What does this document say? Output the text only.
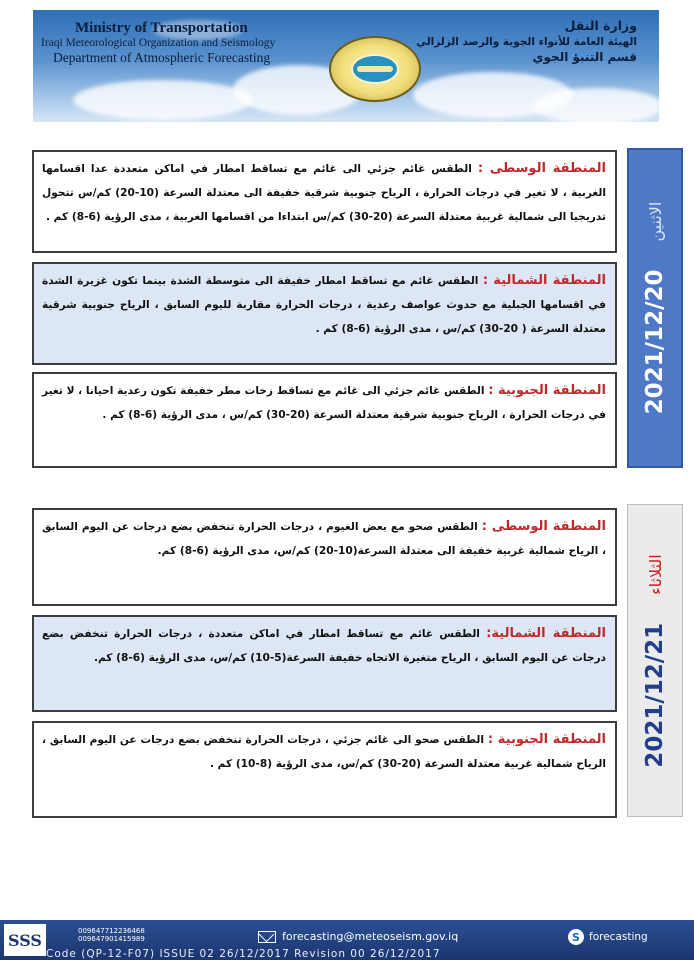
Ministry of Transportation
Iraqi Meteorological Organization and Seismology
Department of Atmospheric Forecasting
وزارة النقل
الهيئة العامة للأنواء الجوية والرصد الزلزالي
قسم التنبؤ الجوي
المنطقة الوسطى : الطقس غائم جزئي الى غائم مع تساقط امطار في اماكن متعددة عدا اقسامها الغربية ، لا تغير في درجات الحرارة ، الرياح جنوبية شرقية خفيفة الى معتدلة السرعة (10-20) كم/س تتحول تدريجيا الى شمالية غربية معتدلة السرعة (20-30) كم/س ابتداءا من اقسامها الغربية ، مدى الرؤية (6-8) كم .
المنطقة الشمالية : الطقس غائم مع تساقط امطار خفيفة الى متوسطة الشدة بينما تكون غزيرة الشدة في اقسامها الجبلية مع حدوث عواصف رعدية ، درجات الحرارة مقاربة لليوم السابق ، الرياح جنوبية شرقية معتدلة السرعة ( 20-30) كم/س ، مدى الرؤية (6-8) كم .
المنطقة الجنوبية : الطقس غائم جزئي الى غائم مع تساقط زخات مطر خفيفة تكون رعدية احيانا ، لا تغير في درجات الحرارة ، الرياح جنوبية شرقية معتدلة السرعة (20-30) كم/س ، مدى الرؤية (6-8) كم .
2021/12/20
الاثنين
المنطقة الوسطى : الطقس صحو مع بعض الغيوم ، درجات الحرارة تنخفض بضع درجات عن اليوم السابق ، الرياح شمالية غربية خفيفة الى معتدلة السرعة(10-20) كم/س، مدى الرؤية (6-8) كم.
المنطقة الشمالية: الطقس غائم مع تساقط امطار في اماكن متعددة ، درجات الحرارة تنخفض بضع درجات عن اليوم السابق ، الرياح متغيرة الاتجاه خفيفة السرعة(5-10) كم/س، مدى الرؤية (6-8) كم.
المنطقة الجنوبية : الطقس صحو الى غائم جزئي ، درجات الحرارة تنخفض بضع درجات عن اليوم السابق ، الرياح شمالية غربية معتدلة السرعة (20-30) كم/س، مدى الرؤية (8-10) كم .	2021/12/21
الثلاثاء
SSS	009647712236468
009647901415989	forecasting@meteoseism.gov.iq	S forecasting
Code (QP-12-F07) ISSUE 02 26/12/2017 Revision 00 26/12/2017
